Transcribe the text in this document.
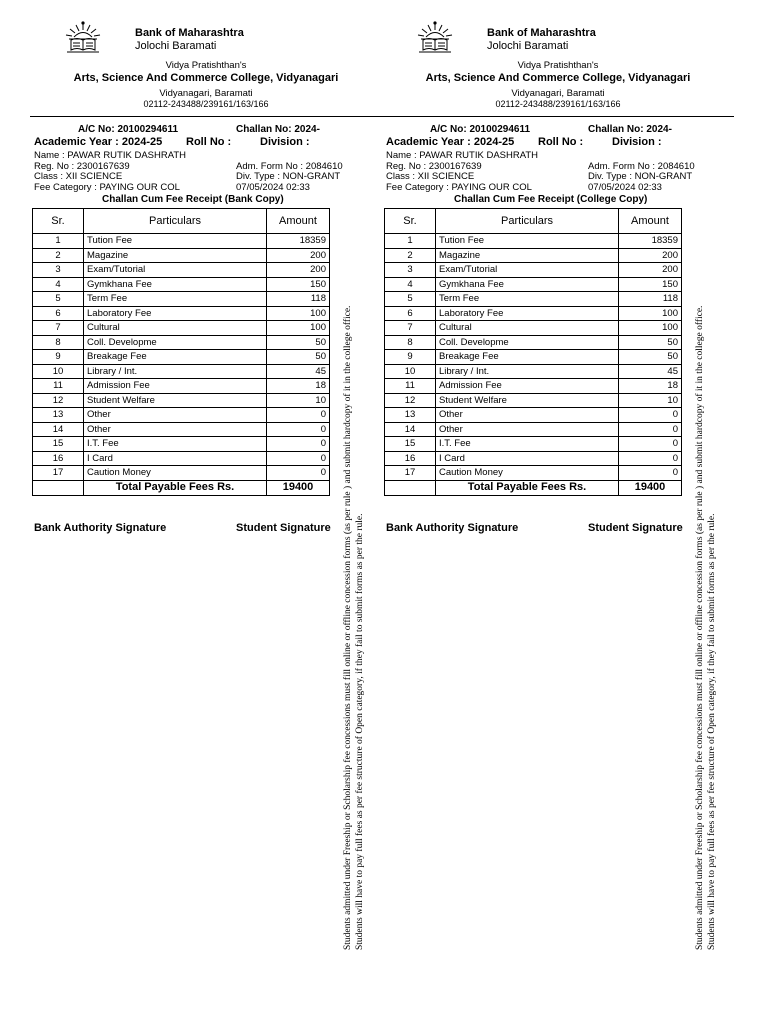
Bank of Maharashtra
Jolochi Baramati
Vidya Pratishthan's
Arts, Science And Commerce College, Vidyanagari
Vidyanagari, Baramati
02112-243488/239161/163/166
A/C No: 20100294611	Challan No: 2024-
Academic Year : 2024-25 Roll No :	Division :
Name : PAWAR RUTIK DASHRATH
Reg. No : 2300167639	Adm. Form No : 2084610
Class : XII SCIENCE	Div. Type : NON-GRANT
Fee Category : PAYING OUR COL	07/05/2024 02:33
Challan Cum Fee Receipt (Bank Copy)
Sr.	Particulars	Amount
1	Tution Fee	18359
2	Magazine	200
3	Exam/Tutorial	200
4	Gymkhana Fee	150
5	Term Fee	118
6	Laboratory Fee	100
7	Cultural	100
8	Coll. Developme	50
9	Breakage Fee	50
10	Library / Int.	45
11	Admission Fee	18
12	Student Welfare	10
13	Other	0
14	Other	0
15	I.T. Fee	0
16	I Card	0
17	Caution Money	0
	Total Payable Fees Rs.	19400
Bank Authority Signature	Student Signature Students admitted under Freeship or Scholarship fee concessions must fill online or offline concession forms (as per rule ) and submit hardcopy of it in the college office. Students will have to pay full fees as per fee structure of Open category, if they fail to submit forms as per the rule.
Bank of Maharashtra
Jolochi Baramati
Vidya Pratishthan's
Arts, Science And Commerce College, Vidyanagari
Vidyanagari, Baramati
02112-243488/239161/163/166
A/C No: 20100294611	Challan No: 2024-
Academic Year : 2024-25 Roll No :	Division :
Name : PAWAR RUTIK DASHRATH
Reg. No : 2300167639	Adm. Form No : 2084610
Class : XII SCIENCE	Div. Type : NON-GRANT
Fee Category : PAYING OUR COL	07/05/2024 02:33
Challan Cum Fee Receipt (College Copy)
Sr.	Particulars	Amount
1	Tution Fee	18359
2	Magazine	200
3	Exam/Tutorial	200
4	Gymkhana Fee	150
5	Term Fee	118
6	Laboratory Fee	100
7	Cultural	100
8	Coll. Developme	50
9	Breakage Fee	50
10	Library / Int.	45
11	Admission Fee	18
12	Student Welfare	10
13	Other	0
14	Other	0
15	I.T. Fee	0
16	I Card	0
17	Caution Money	0
	Total Payable Fees Rs.	19400
Bank Authority Signature	Student Signature Students admitted under Freeship or Scholarship fee concessions must fill online or offline concession forms (as per rule ) and submit hardcopy of it in the college office. Students will have to pay full fees as per fee structure of Open category, if they fail to submit forms as per the rule.
